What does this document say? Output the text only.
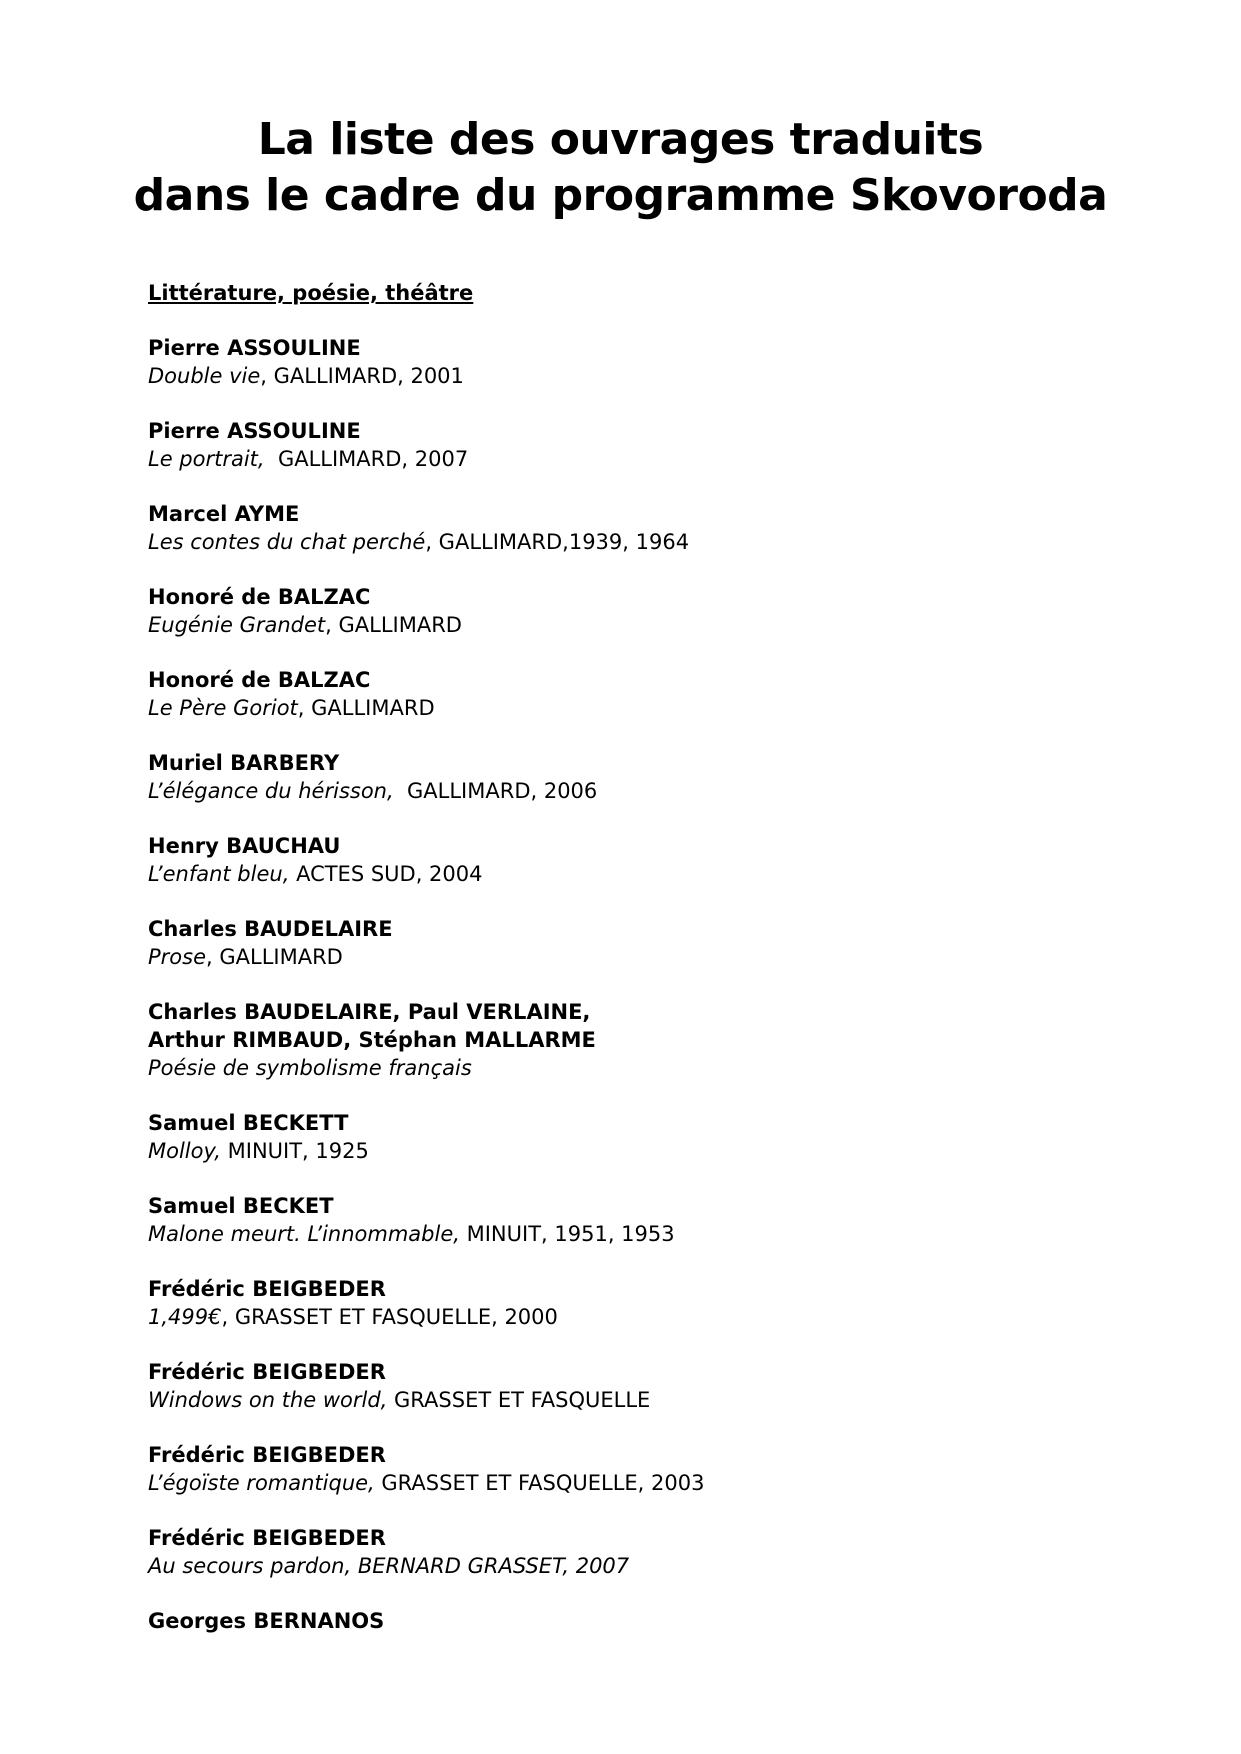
La liste des ouvrages traduits
dans le cadre du programme Skovoroda

Littérature, poésie, théâtre

Pierre ASSOULINE

Double vie, GALLIMARD, 2001

Pierre ASSOULINE

Le portrait,  GALLIMARD, 2007

Marcel AYME

Les contes du chat perché, GALLIMARD,1939, 1964

Honoré de BALZAC

Eugénie Grandet, GALLIMARD

Honoré de BALZAC

Le Père Goriot, GALLIMARD

Muriel BARBERY

L’élégance du hérisson,  GALLIMARD, 2006

Henry BAUCHAU

L’enfant bleu, ACTES SUD, 2004

Charles BAUDELAIRE

Prose, GALLIMARD

Charles BAUDELAIRE, Paul VERLAINE,

Arthur RIMBAUD, Stéphan MALLARME

Poésie de symbolisme français

Samuel BECKETT

Molloy, MINUIT, 1925

Samuel BECKET

Malone meurt. L’innommable, MINUIT, 1951, 1953

Frédéric BEIGBEDER

1,499€, GRASSET ET FASQUELLE, 2000

Frédéric BEIGBEDER

Windows on the world, GRASSET ET FASQUELLE

Frédéric BEIGBEDER

L’égoïste romantique, GRASSET ET FASQUELLE, 2003

Frédéric BEIGBEDER

Au secours pardon, BERNARD GRASSET, 2007

Georges BERNANOS
